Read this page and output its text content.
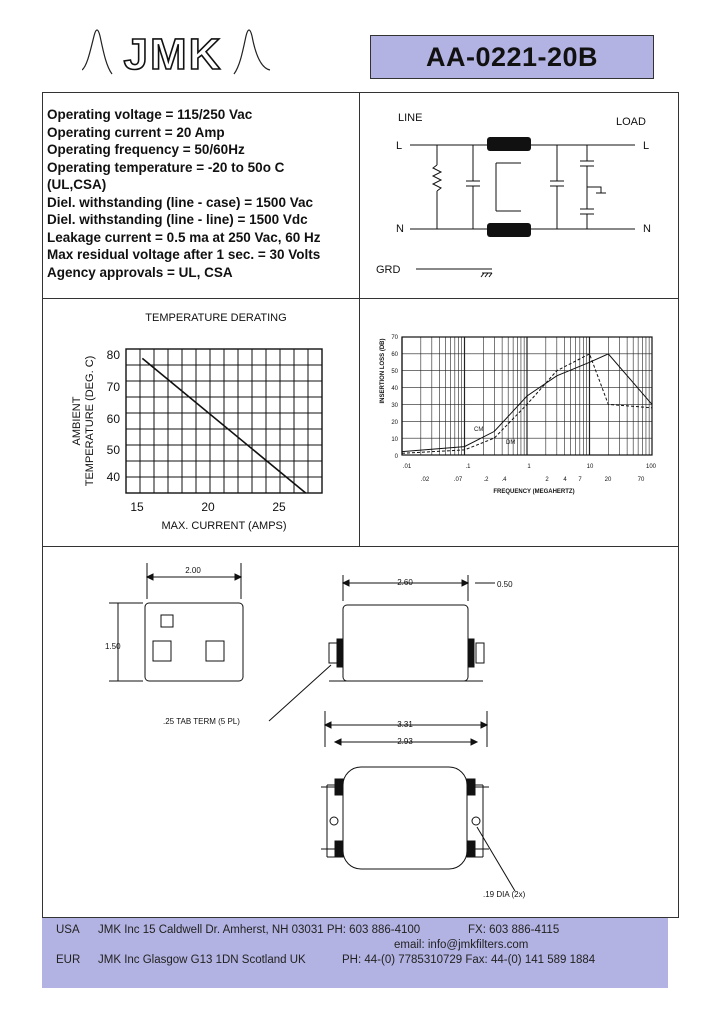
JMK	AA-0221-20B
Operating voltage = 115/250 Vac
Operating current = 20 Amp
Operating frequency = 50/60Hz
Operating temperature = -20 to 50o C
(UL,CSA)
Diel. withstanding (line - case) = 1500 Vac
Diel. withstanding (line - line) = 1500 Vdc
Leakage current = 0.5 ma at 250 Vac, 60 Hz
Max residual voltage after 1 sec. = 30 Volts
Agency approvals = UL, CSA
LINE	LOAD
L	L
N	N
GRD
TEMPERATURE DERATING
80
70
60
50
40
15	20	25
MAX. CURRENT (AMPS)
AMBIENT TEMPERATURE (DEG. C)
70
60
50
40
30
20
10
0
.01	.1	1	10	100
.02	.07	.2 .4	2 4 7	20	70
FREQUENCY (MEGAHERTZ)
INSERTION LOSS (DB)
CM
DM
2.00
1.50
2.60	0.50
3.31
2.93
.25 TAB TERM (5 PL)
.19 DIA (2x)
USA JMK Inc 15 Caldwell Dr. Amherst, NH 03031 PH: 603 886-4100	FX: 603 886-4115
email: info@jmkfilters.com
EUR JMK Inc Glasgow G13 1DN Scotland UK	PH: 44-(0) 7785310729 Fax: 44-(0) 141 589 1884
